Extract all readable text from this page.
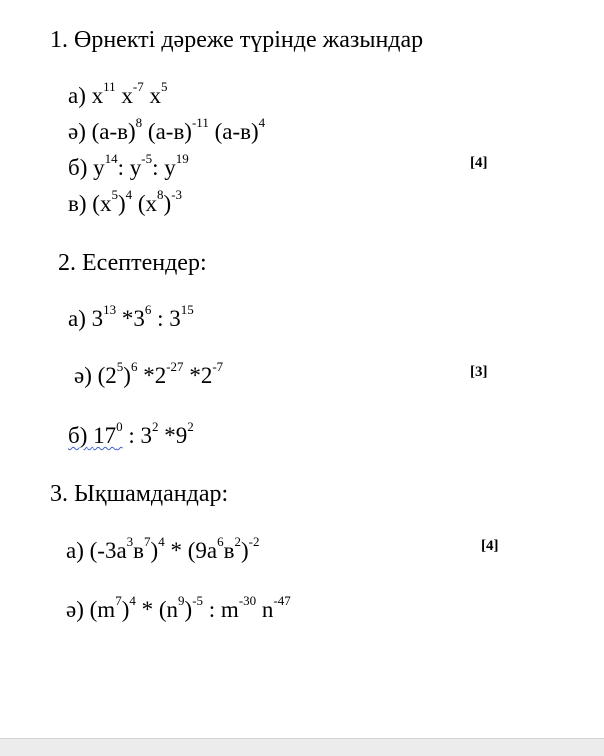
1. Өрнекті дәреже түрінде жазындар
а) $x^{11}$ $x^{-7}$ $x^5$
ә) $(а-в)^8$ $(а-в)^{-11}$ $(а-в)^4$
б) $y^{14}$: $y^{-5}$: $y^{19}$	[4]
в) $(x^5)^4$ $(x^8)^{-3}$
2. Есептендер:
а) $3^{13}$ $*3^6$ : $3^{15}$
ә) $(2^5)^6$ $*2^{-27}$ $*2^{-7}$	[3]
б) $17^0$ : $3^2$ $*9^2$
3. Ықшамдандар:
а) $(-3a^3в^7)^4 * (9a^6в^2)^{-2}$	[4]
ә) $(m^7)^4 * (n^9)^{-5}$ : $m^{-30}$ $n^{-47}$
